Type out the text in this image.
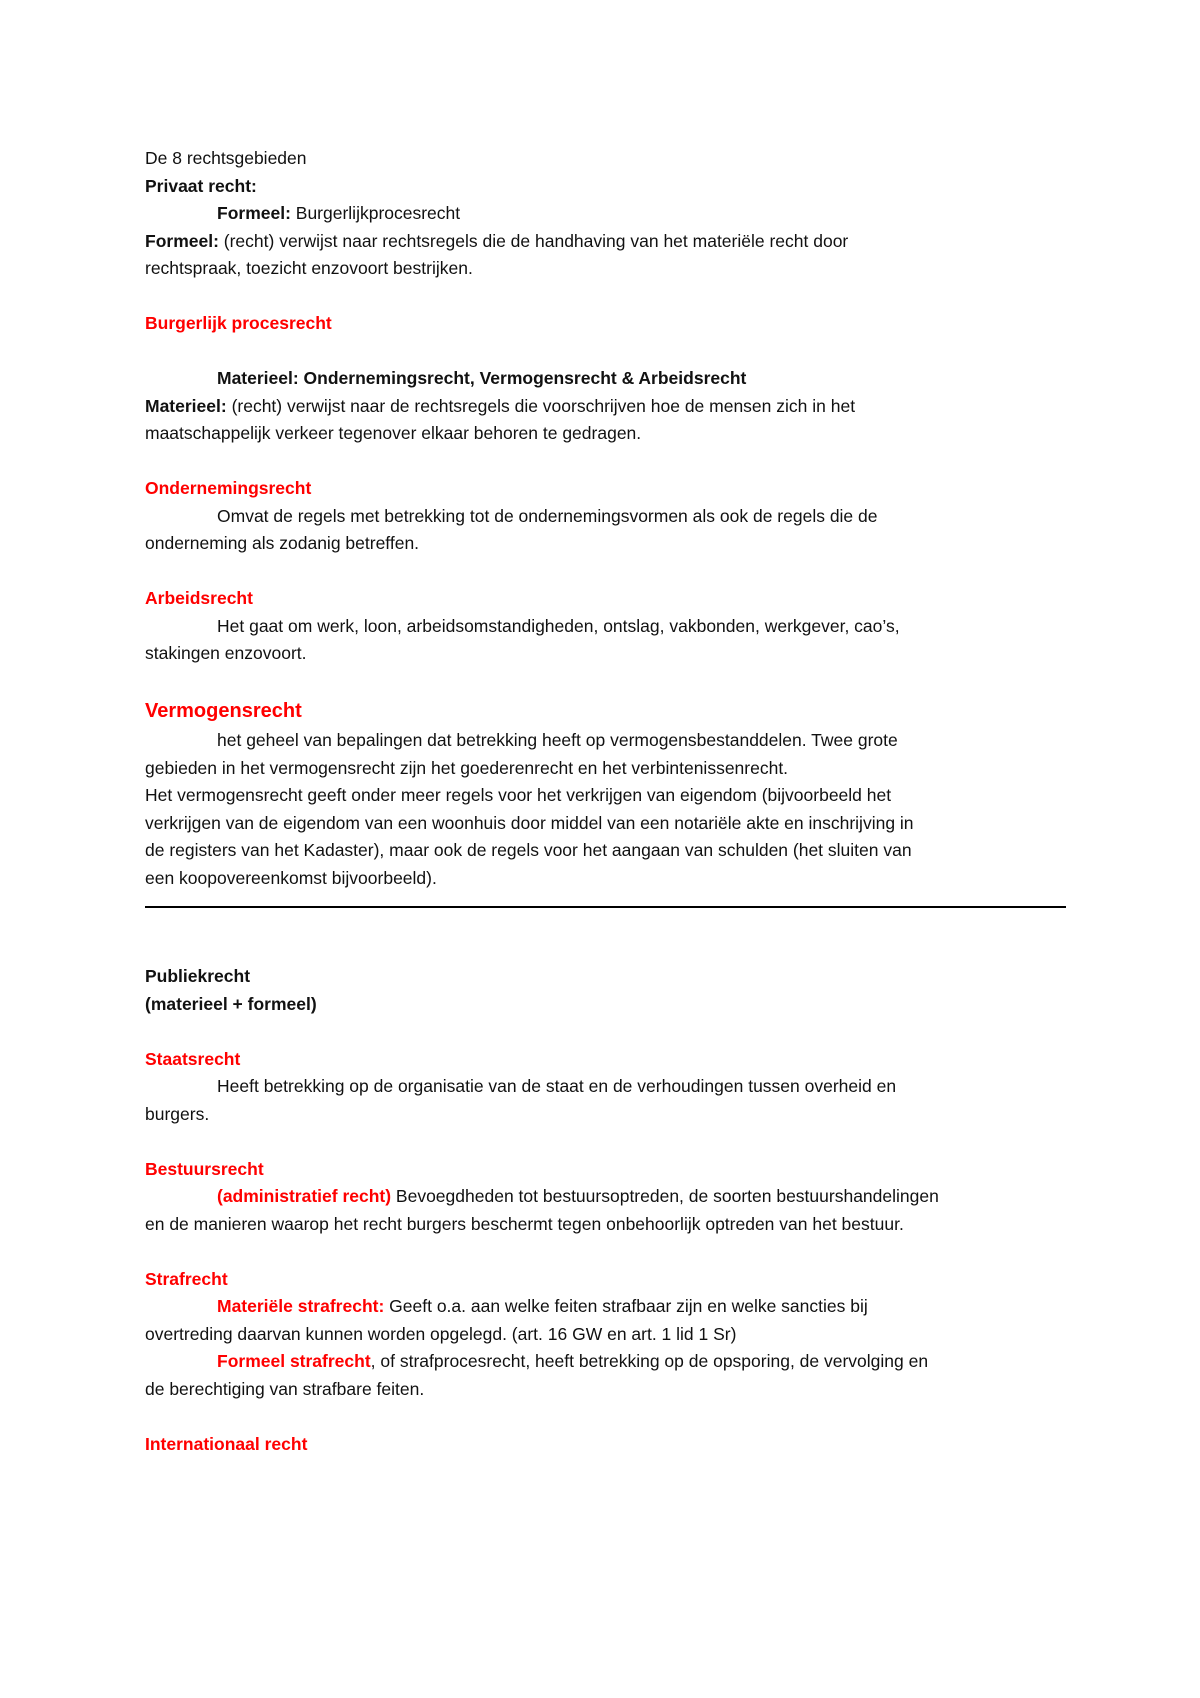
De 8 rechtsgebieden
Privaat recht:
Formeel: Burgerlijkprocesrecht
Formeel: (recht) verwijst naar rechtsregels die de handhaving van het materiële recht door
rechtspraak, toezicht enzovoort bestrijken.
Burgerlijk procesrecht
Materieel: Ondernemingsrecht, Vermogensrecht & Arbeidsrecht
Materieel: (recht) verwijst naar de rechtsregels die voorschrijven hoe de mensen zich in het
maatschappelijk verkeer tegenover elkaar behoren te gedragen.
Ondernemingsrecht
Omvat de regels met betrekking tot de ondernemingsvormen als ook de regels die de
onderneming als zodanig betreffen.
Arbeidsrecht
Het gaat om werk, loon, arbeidsomstandigheden, ontslag, vakbonden, werkgever, cao’s,
stakingen enzovoort.
Vermogensrecht
het geheel van bepalingen dat betrekking heeft op vermogensbestanddelen. Twee grote
gebieden in het vermogensrecht zijn het goederenrecht en het verbintenissenrecht.
Het vermogensrecht geeft onder meer regels voor het verkrijgen van eigendom (bijvoorbeeld het
verkrijgen van de eigendom van een woonhuis door middel van een notariële akte en inschrijving in
de registers van het Kadaster), maar ook de regels voor het aangaan van schulden (het sluiten van
een koopovereenkomst bijvoorbeeld).
Publiekrecht
(materieel + formeel)
Staatsrecht
Heeft betrekking op de organisatie van de staat en de verhoudingen tussen overheid en
burgers.
Bestuursrecht
(administratief recht) Bevoegdheden tot bestuursoptreden, de soorten bestuurshandelingen
en de manieren waarop het recht burgers beschermt tegen onbehoorlijk optreden van het bestuur.
Strafrecht
Materiële strafrecht: Geeft o.a. aan welke feiten strafbaar zijn en welke sancties bij
overtreding daarvan kunnen worden opgelegd. (art. 16 GW en art. 1 lid 1 Sr)
Formeel strafrecht, of strafprocesrecht, heeft betrekking op de opsporing, de vervolging en
de berechtiging van strafbare feiten.
Internationaal recht
